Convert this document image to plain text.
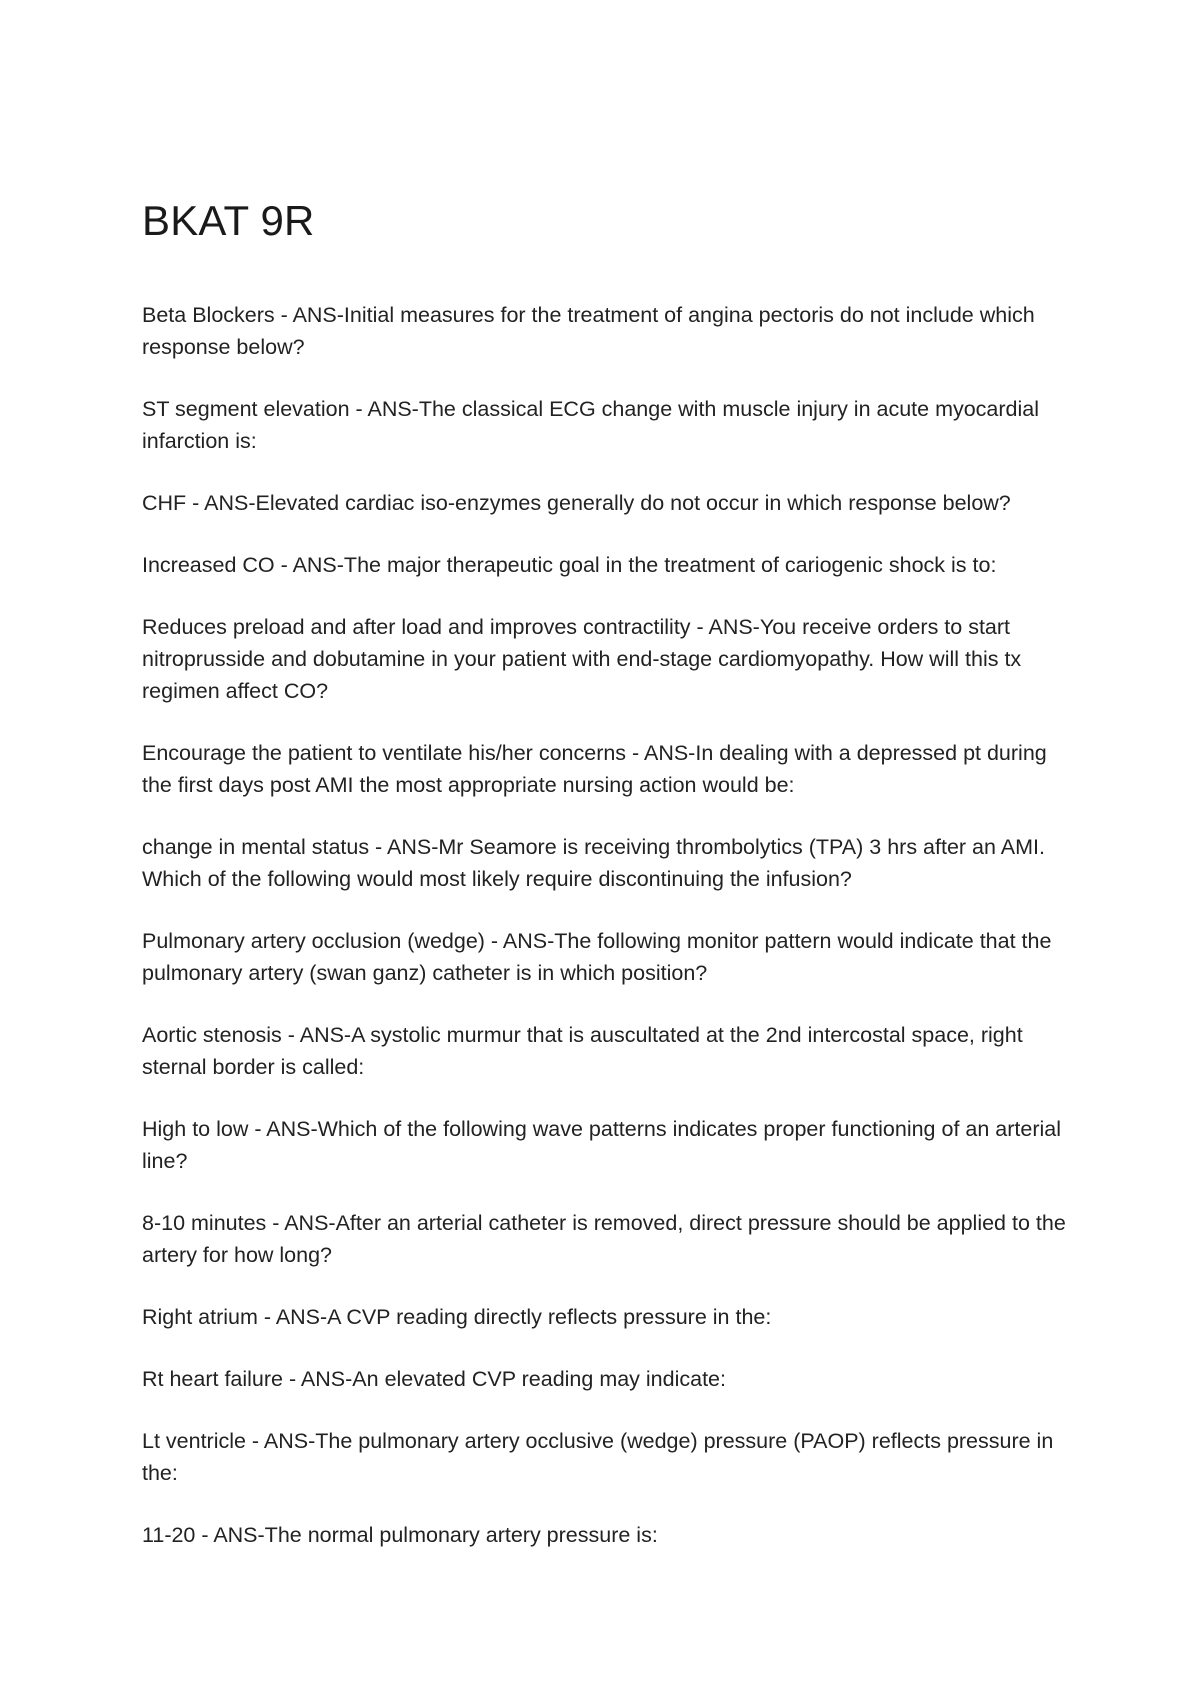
BKAT 9R
Beta Blockers - ANS-Initial measures for the treatment of angina pectoris do not include which response below?
ST segment elevation - ANS-The classical ECG change with muscle injury in acute myocardial infarction is:
CHF - ANS-Elevated cardiac iso-enzymes generally do not occur in which response below?
Increased CO - ANS-The major therapeutic goal in the treatment of cariogenic shock is to:
Reduces preload and after load and improves contractility - ANS-You receive orders to start nitroprusside and dobutamine in your patient with end-stage cardiomyopathy. How will this tx regimen affect CO?
Encourage the patient to ventilate his/her concerns - ANS-In dealing with a depressed pt during the first days post AMI the most appropriate nursing action would be:
change in mental status - ANS-Mr Seamore is receiving thrombolytics (TPA) 3 hrs after an AMI. Which of the following would most likely require discontinuing the infusion?
Pulmonary artery occlusion (wedge) - ANS-The following monitor pattern would indicate that the pulmonary artery (swan ganz) catheter is in which position?
Aortic stenosis - ANS-A systolic murmur that is auscultated at the 2nd intercostal space, right sternal border is called:
High to low - ANS-Which of the following wave patterns indicates proper functioning of an arterial line?
8-10 minutes - ANS-After an arterial catheter is removed, direct pressure should be applied to the artery for how long?
Right atrium - ANS-A CVP reading directly reflects pressure in the:
Rt heart failure - ANS-An elevated CVP reading may indicate:
Lt ventricle - ANS-The pulmonary artery occlusive (wedge) pressure (PAOP) reflects pressure in the:
11-20 - ANS-The normal pulmonary artery pressure is:
